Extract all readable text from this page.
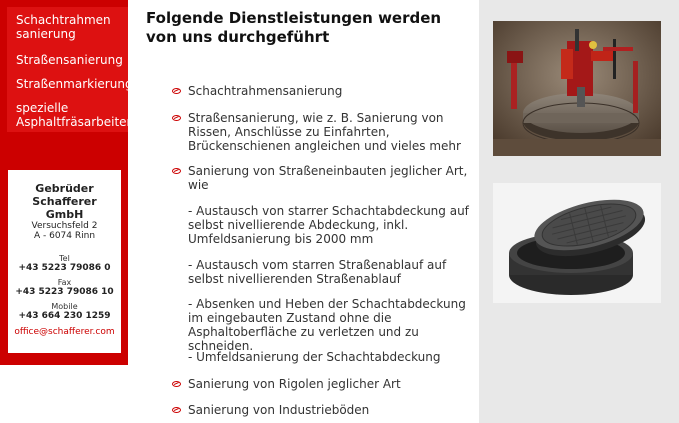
Schachtrahmen
sanierung
Straßensanierung
Straßenmarkierung
spezielle
Asphaltfräsarbeiten
Gebrüder
Schafferer
GmbH
Versuchsfeld 2
A - 6074 Rinn
Tel
+43 5223 79086 0
Fax
+43 5223 79086 10
Mobile
+43 664 230 1259
office@schafferer.com
Folgende Dienstleistungen werden
von uns durchgeführt
Schachtrahmensanierung
Straßensanierung, wie z. B. Sanierung von Rissen, Anschlüsse zu Einfahrten, Brückenschienen angleichen und vieles mehr
Sanierung von Straßeneinbauten jeglicher Art, wie
- Austausch von starrer Schachtabdeckung auf selbst nivellierende Abdeckung, inkl. Umfeldsanierung bis 2000 mm
- Austausch vom starren Straßenablauf auf selbst nivellierenden Straßenablauf
- Absenken und Heben der Schachtabdeckung im eingebauten Zustand ohne die Asphaltoberfläche zu verletzen und zu schneiden.
- Umfeldsanierung der Schachtabdeckung
Sanierung von Rigolen jeglicher Art
Sanierung von Industrieböden
